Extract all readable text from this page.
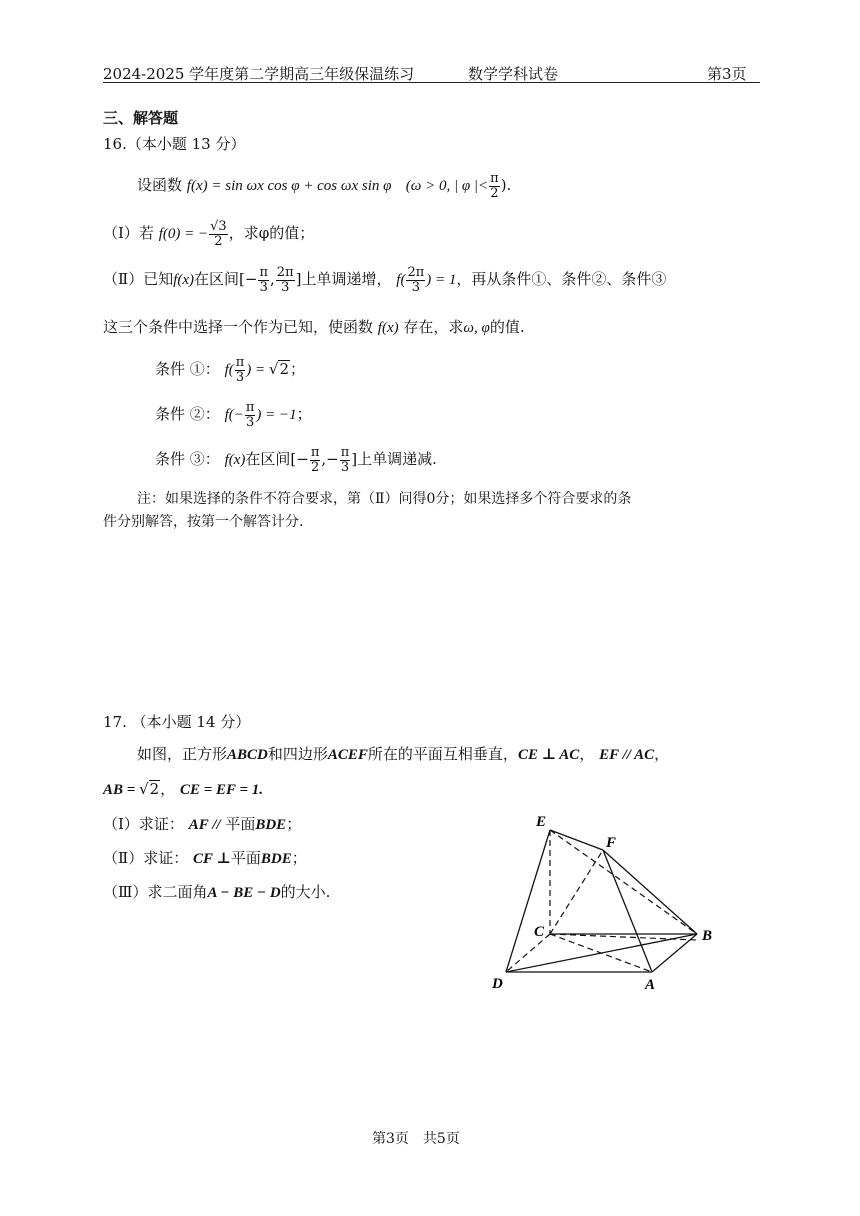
2024-2025 学年度第二学期高三年级保温练习	数学学科试卷	第3页
三、解答题
16.（本小题 13 分）
设函数 f(x) = sin ωx cos φ + cos ωx sin φ (ω > 0, | φ |< $\frac{\pi}{2}$ ).
（Ⅰ）若 f(0) = − $\frac{√3}{2}$ ，求φ的值；
（Ⅱ）已知f(x)在区间[− $\frac{\pi}{3}$ , $\frac{2\pi}{3}$ ]上单调递增， $f( \frac{2\pi}{3}$ ) = 1，再从条件①、条件②、条件③
这三个条件中选择一个作为已知，使函数 f(x) 存在，求ω, φ的值.
条件 ①： $f( \frac{\pi}{3}$ ) = √2；
条件 ②： $f(- \frac{\pi}{3}$ ) = −1；
条件 ③： f(x)在区间[− $\frac{\pi}{2}$ ,− $\frac{\pi}{3}$ ]上单调递减.
注：如果选择的条件不符合要求，第（Ⅱ）问得0分；如果选择多个符合要求的条
件分别解答，按第一个解答计分.
17. （本小题 14 分）
如图，正方形ABCD和四边形ACEF所在的平面互相垂直，CE ⊥ AC， EF // AC，
AB = √2， CE = EF = 1.
（Ⅰ）求证： AF // 平面BDE；
（Ⅱ）求证： CF ⊥平面BDE；
（Ⅲ）求二面角A − BE − D的大小.
E
F
C	B
D	A
第3页　共5页
